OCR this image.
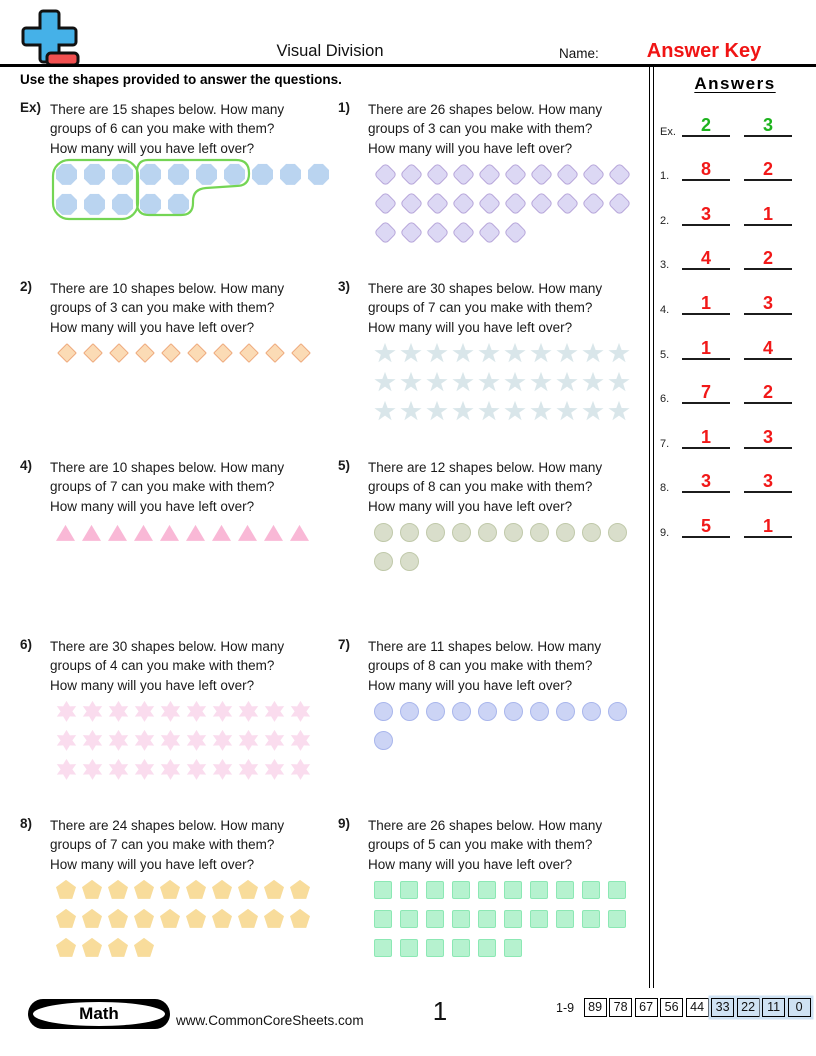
Visual Division	Name:	Answer Key
Use the shapes provided to answer the questions.	Answers
Ex.	2	3
1.	8	2
2.	3	1
3.	4	2
4.	1	3
5.	1	4
6.	7	2
7.	1	3
8.	3	3
9.	5	1
Ex) There are 15 shapes below. How many
groups of 6 can you make with them?
How many will you have left over?
1)	There are 26 shapes below. How many
groups of 3 can you make with them?
How many will you have left over?
2)	There are 10 shapes below. How many
groups of 3 can you make with them?
How many will you have left over?
3)	There are 30 shapes below. How many
groups of 7 can you make with them?
How many will you have left over?
4)	There are 10 shapes below. How many
groups of 7 can you make with them?
How many will you have left over?
5)	There are 12 shapes below. How many
groups of 8 can you make with them?
How many will you have left over?
6)	There are 30 shapes below. How many
groups of 4 can you make with them?
How many will you have left over?
7)	There are 11 shapes below. How many
groups of 8 can you make with them?
How many will you have left over?
8)	There are 24 shapes below. How many
groups of 7 can you make with them?
How many will you have left over?
9)	There are 26 shapes below. How many
groups of 5 can you make with them?
How many will you have left over?
Math	www.CommonCoreSheets.com	1	1-9	89 78 67 56 44 33 22 11 0
